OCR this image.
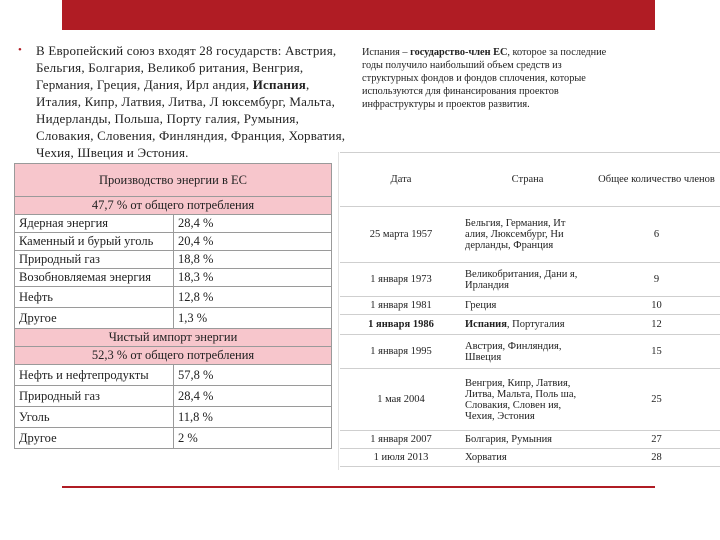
• В Европейский союз входят 28 государств: Австрия, Бельгия, Болгария, Великоб ритания, Венгрия, Германия, Греция, Дания, Ирл андия, Испания, Италия, Кипр, Латвия, Литва, Л юксембург, Мальта, Нидерланды, Польша, Порту галия, Румыния, Словакия, Словения, Финляндия, Франция, Хорватия, Чехия, Швеция и Эстония.
Испания – государство-член ЕС, которое за последние годы получило наибольший объем средств из структурных фондов и фондов сплочения, которые используются для финансирования проектов инфраструктуры и проектов развития.
Производство энергии в ЕС	
47,7 % от общего потребления	
Ядерная энергия	28,4 %
Каменный и бурый уголь	20,4 %
Природный газ	18,8 %
Возобновляемая энергия	18,3 %
Нефть	12,8 %
Другое	1,3 %
Чистый импорт энергии	
52,3 % от общего потребления	
Нефть и нефтепродукты	57,8 %
Природный газ	28,4 %
Уголь	11,8 %
Другое	2 %
Дата	Страна	Общее количество членов
25 марта 1957	Бельгия, Германия, Ит алия, Люксембург, Ни дерланды, Франция	6
1 января 1973	Великобритания, Дани я, Ирландия	9
1 января 1981	Греция	10
1 января 1986	Испания, Португалия	12
1 января 1995	Австрия, Финляндия, Швеция	15
1 мая 2004	Венгрия, Кипр, Латвия, Литва, Мальта, Поль ша, Словакия, Словен ия, Чехия, Эстония	25
1 января 2007	Болгария, Румыния	27
1 июля 2013	Хорватия	28
